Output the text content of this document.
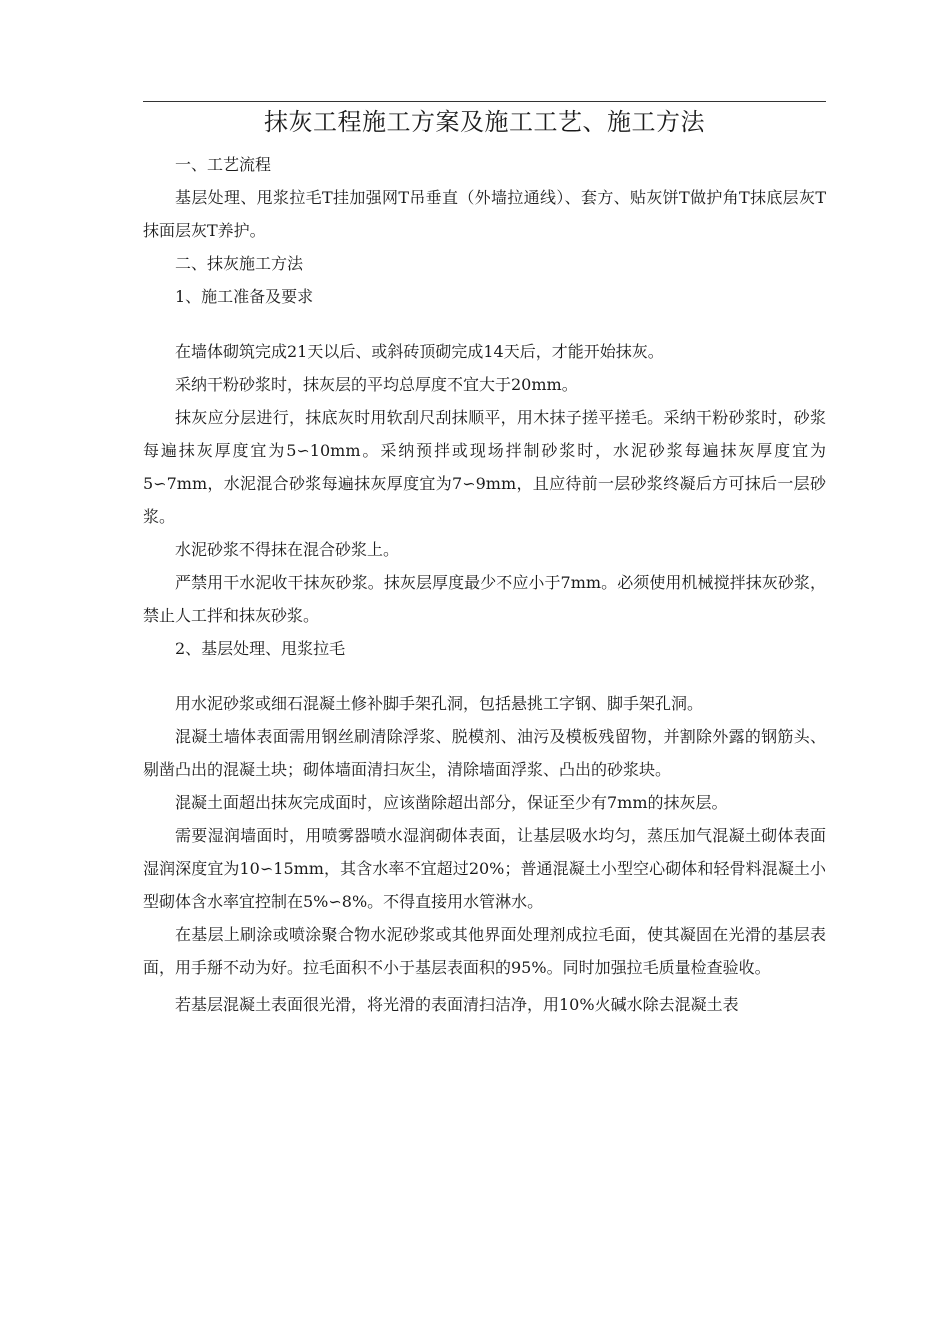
抹灰工程施工方案及施工工艺、施工方法

一、工艺流程

基层处理、甩浆拉毛T挂加强网T吊垂直（外墙拉通线）、套方、贴灰饼T做护角T抹底层灰T抹面层灰T养护。

二、抹灰施工方法

1、施工准备及要求

在墙体砌筑完成21天以后、或斜砖顶砌完成14天后，才能开始抹灰。

采纳干粉砂浆时，抹灰层的平均总厚度不宜大于20mm。

抹灰应分层进行，抹底灰时用软刮尺刮抹顺平，用木抹子搓平搓毛。采纳干粉砂浆时，砂浆每遍抹灰厚度宜为5∽10mm。采纳预拌或现场拌制砂浆时，水泥砂浆每遍抹灰厚度宜为5∽7mm，水泥混合砂浆每遍抹灰厚度宜为7∽9mm，且应待前一层砂浆终凝后方可抹后一层砂浆。

水泥砂浆不得抹在混合砂浆上。

严禁用干水泥收干抹灰砂浆。抹灰层厚度最少不应小于7mm。必须使用机械搅拌抹灰砂浆，禁止人工拌和抹灰砂浆。

2、基层处理、甩浆拉毛

用水泥砂浆或细石混凝土修补脚手架孔洞，包括悬挑工字钢、脚手架孔洞。

混凝土墙体表面需用钢丝刷清除浮浆、脱模剂、油污及模板残留物，并割除外露的钢筋头、剔凿凸出的混凝土块；砌体墙面清扫灰尘，清除墙面浮浆、凸出的砂浆块。

混凝土面超出抹灰完成面时，应该凿除超出部分，保证至少有7mm的抹灰层。

需要湿润墙面时，用喷雾器喷水湿润砌体表面，让基层吸水均匀，蒸压加气混凝土砌体表面湿润深度宜为10∽15mm，其含水率不宜超过20%；普通混凝土小型空心砌体和轻骨料混凝土小型砌体含水率宜控制在5%∽8%。不得直接用水管淋水。

在基层上刷涂或喷涂聚合物水泥砂浆或其他界面处理剂成拉毛面，使其凝固在光滑的基层表面，用手掰不动为好。拉毛面积不小于基层表面积的95%。同时加强拉毛质量检查验收。

若基层混凝土表面很光滑，将光滑的表面清扫洁净，用10%火碱水除去混凝土表
